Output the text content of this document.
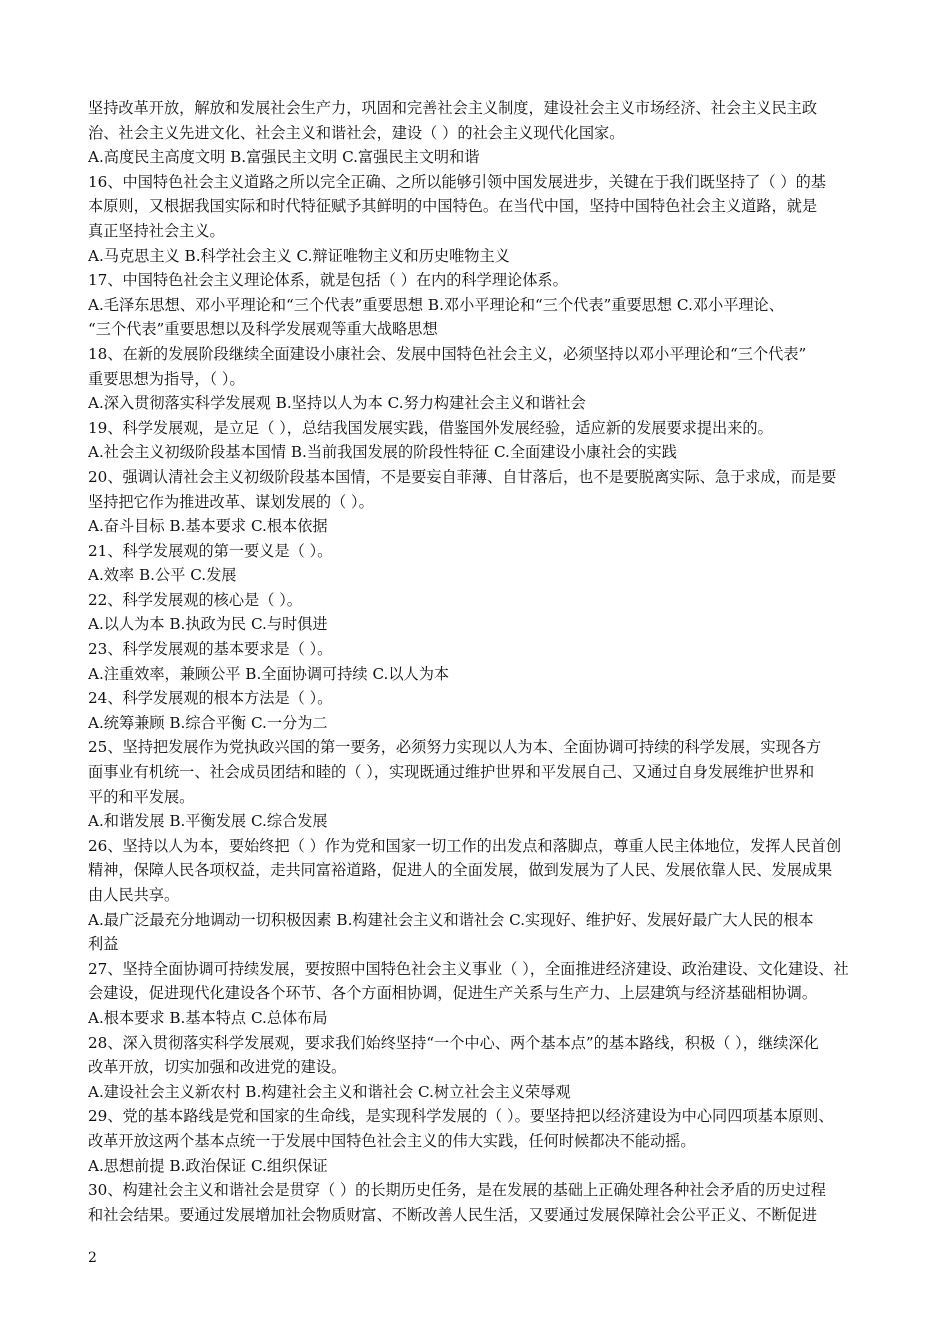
坚持改革开放，解放和发展社会生产力，巩固和完善社会主义制度，建设社会主义市场经济、社会主义民主政
治、社会主义先进文化、社会主义和谐社会，建设（ ）的社会主义现代化国家。
A.高度民主高度文明 B.富强民主文明 C.富强民主文明和谐
16、中国特色社会主义道路之所以完全正确、之所以能够引领中国发展进步，关键在于我们既坚持了（ ）的基
本原则，又根据我国实际和时代特征赋予其鲜明的中国特色。在当代中国，坚持中国特色社会主义道路，就是
真正坚持社会主义。
A.马克思主义 B.科学社会主义 C.辩证唯物主义和历史唯物主义
17、中国特色社会主义理论体系，就是包括（ ）在内的科学理论体系。
A.毛泽东思想、邓小平理论和“三个代表”重要思想 B.邓小平理论和“三个代表”重要思想 C.邓小平理论、
“三个代表”重要思想以及科学发展观等重大战略思想
18、在新的发展阶段继续全面建设小康社会、发展中国特色社会主义，必须坚持以邓小平理论和“三个代表”
重要思想为指导，（ ）。
A.深入贯彻落实科学发展观 B.坚持以人为本 C.努力构建社会主义和谐社会
19、科学发展观，是立足（ ），总结我国发展实践，借鉴国外发展经验，适应新的发展要求提出来的。
A.社会主义初级阶段基本国情 B.当前我国发展的阶段性特征 C.全面建设小康社会的实践
20、强调认清社会主义初级阶段基本国情，不是要妄自菲薄、自甘落后，也不是要脱离实际、急于求成，而是要
坚持把它作为推进改革、谋划发展的（ ）。
A.奋斗目标 B.基本要求 C.根本依据
21、科学发展观的第一要义是（ ）。
A.效率 B.公平 C.发展
22、科学发展观的核心是（ ）。
A.以人为本 B.执政为民 C.与时俱进
23、科学发展观的基本要求是（ ）。
A.注重效率，兼顾公平 B.全面协调可持续 C.以人为本
24、科学发展观的根本方法是（ ）。
A.统筹兼顾 B.综合平衡 C.一分为二
25、坚持把发展作为党执政兴国的第一要务，必须努力实现以人为本、全面协调可持续的科学发展，实现各方
面事业有机统一、社会成员团结和睦的（ ），实现既通过维护世界和平发展自己、又通过自身发展维护世界和
平的和平发展。
A.和谐发展 B.平衡发展 C.综合发展
26、坚持以人为本，要始终把（ ）作为党和国家一切工作的出发点和落脚点，尊重人民主体地位，发挥人民首创
精神，保障人民各项权益，走共同富裕道路，促进人的全面发展，做到发展为了人民、发展依靠人民、发展成果
由人民共享。
A.最广泛最充分地调动一切积极因素 B.构建社会主义和谐社会 C.实现好、维护好、发展好最广大人民的根本
利益
27、坚持全面协调可持续发展，要按照中国特色社会主义事业（ ），全面推进经济建设、政治建设、文化建设、社
会建设，促进现代化建设各个环节、各个方面相协调，促进生产关系与生产力、上层建筑与经济基础相协调。
A.根本要求 B.基本特点 C.总体布局
28、深入贯彻落实科学发展观，要求我们始终坚持“一个中心、两个基本点”的基本路线，积极（ ），继续深化
改革开放，切实加强和改进党的建设。
A.建设社会主义新农村 B.构建社会主义和谐社会 C.树立社会主义荣辱观
29、党的基本路线是党和国家的生命线，是实现科学发展的（ ）。要坚持把以经济建设为中心同四项基本原则、
改革开放这两个基本点统一于发展中国特色社会主义的伟大实践，任何时候都决不能动摇。
A.思想前提 B.政治保证 C.组织保证
30、构建社会主义和谐社会是贯穿（ ）的长期历史任务，是在发展的基础上正确处理各种社会矛盾的历史过程
和社会结果。要通过发展增加社会物质财富、不断改善人民生活，又要通过发展保障社会公平正义、不断促进
2
